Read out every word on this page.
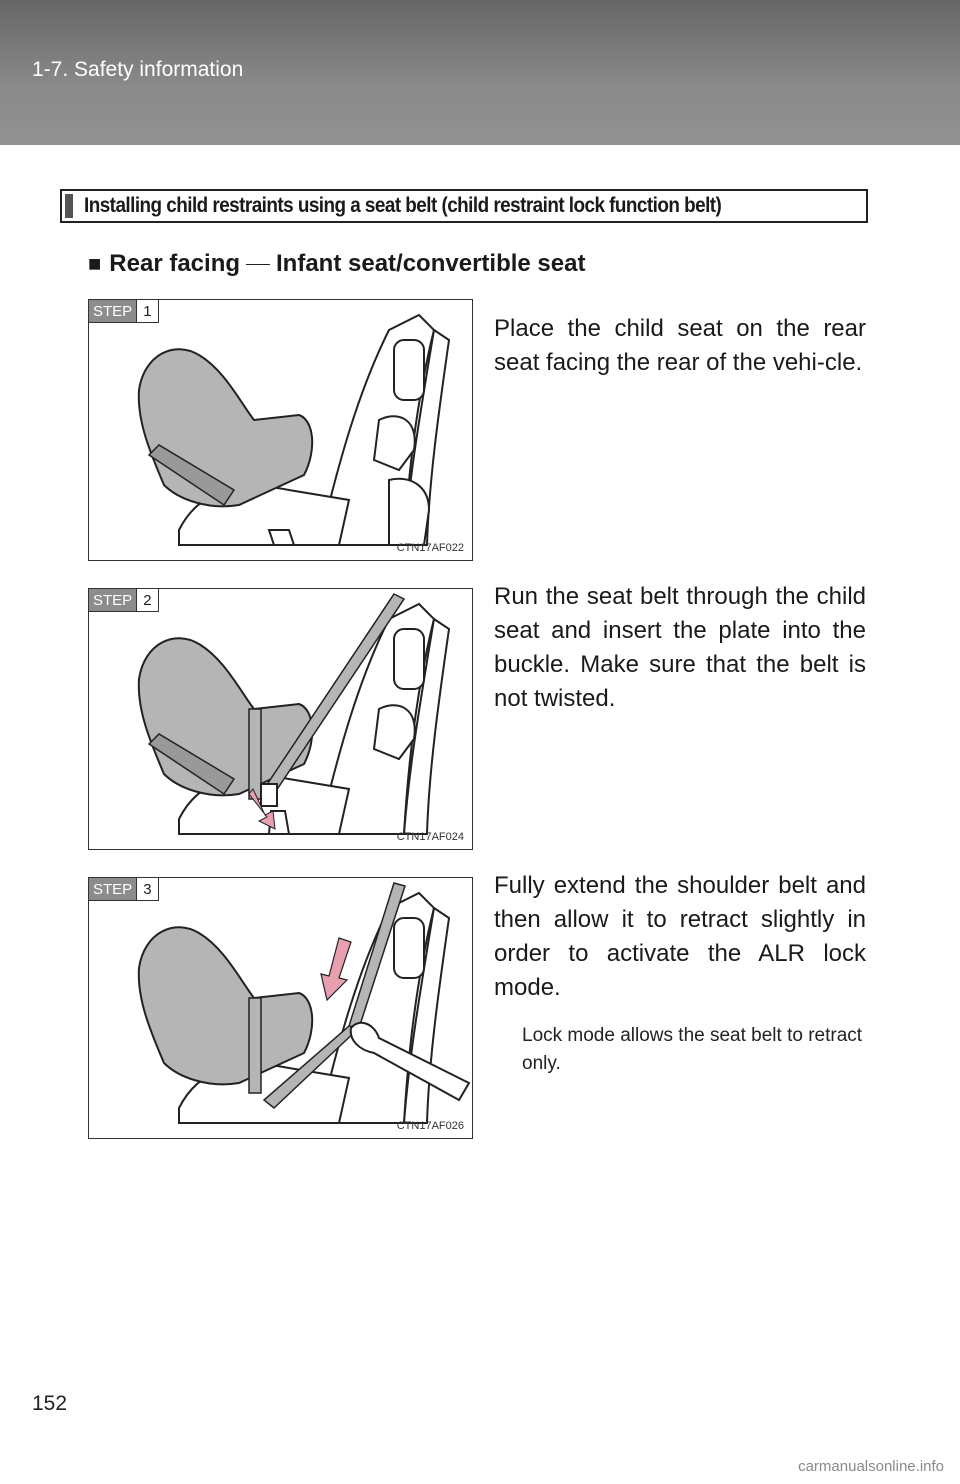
1-7. Safety information
Installing child restraints using a seat belt (child restraint lock function belt)
■ Rear facing Infant seat/convertible seat
STEP 1
CTN17AF022
Place the child seat on the rear seat facing the rear of the vehi-cle.
STEP 2
CTN17AF024
Run the seat belt through the child seat and insert the plate into the buckle. Make sure that the belt is not twisted.
STEP 3
CTN17AF026
Fully extend the shoulder belt and then allow it to retract slightly in order to activate the ALR lock mode.
Lock mode allows the seat belt to retract only.
152
carmanualsonline.info
